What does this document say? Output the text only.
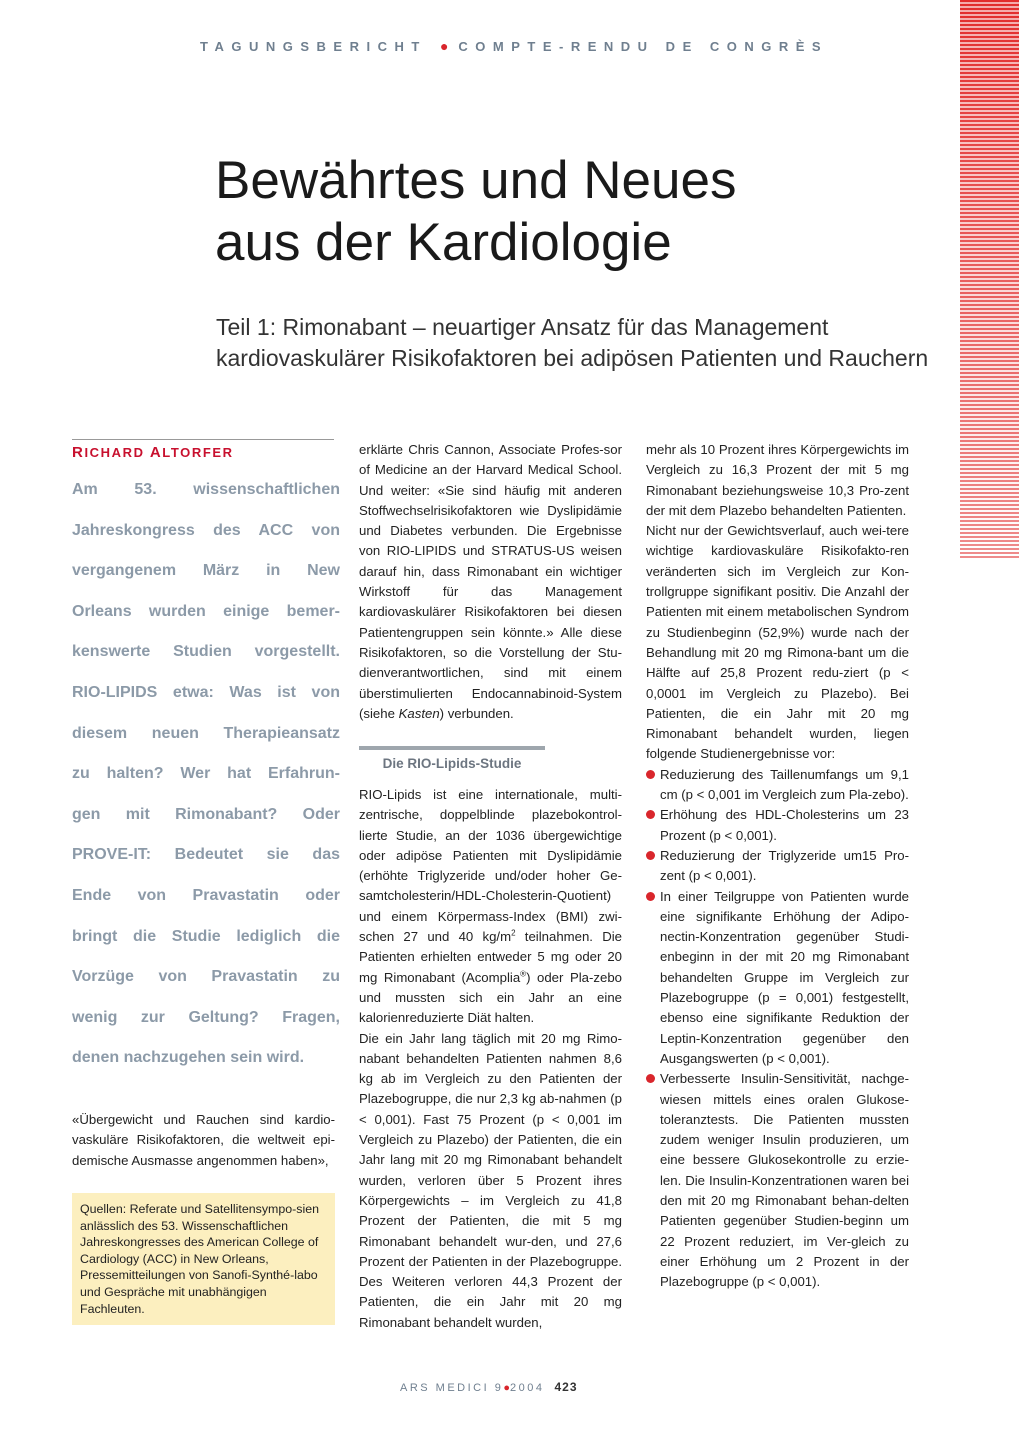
TAGUNGSBERICHT ● COMPTE-RENDU DE CONGRÈS
Bewährtes und Neues
aus der Kardiologie

Teil 1: Rimonabant – neuartiger Ansatz für das Management kardiovaskulärer Risikofaktoren bei adipösen Patienten und Rauchern

RICHARD ALTORFER
Am 53. wissenschaftlichen
Jahreskongress des ACC von
vergangenem März in New
Orleans wurden einige bemer-
kenswerte Studien vorgestellt.
RIO-LIPIDS etwa: Was ist von
diesem neuen Therapieansatz
zu halten? Wer hat Erfahrun-
gen mit Rimonabant? Oder
PROVE-IT: Bedeutet sie das
Ende von Pravastatin oder
bringt die Studie lediglich die
Vorzüge von Pravastatin zu
wenig zur Geltung? Fragen,
denen nachzugehen sein wird.

«Übergewicht und Rauchen sind kardio-vaskuläre Risikofaktoren, die weltweit epi-demische Ausmasse angenommen haben»,

Quellen: Referate und Satellitensympo-sien anlässlich des 53. Wissenschaftlichen Jahreskongresses des American College of Cardiology (ACC) in New Orleans, Pressemitteilungen von Sanofi-Synthé-labo und Gespräche mit unabhängigen Fachleuten.

erklärte Chris Cannon, Associate Profes-sor of Medicine an der Harvard Medical School. Und weiter: «Sie sind häufig mit anderen Stoffwechselrisikofaktoren wie Dyslipidämie und Diabetes verbunden. Die Ergebnisse von RIO-LIPIDS und STRATUS-US weisen darauf hin, dass Rimonabant ein wichtiger Wirkstoff für das Management kardiovaskulärer Risikofaktoren bei diesen Patientengruppen sein könnte.» Alle diese Risikofaktoren, so die Vorstellung der Stu-dienverantwortlichen, sind mit einem überstimulierten Endocannabinoid-System (siehe Kasten) verbunden.

Die RIO-Lipids-Studie

RIO-Lipids ist eine internationale, multi-zentrische, doppelblinde plazebokontrol-lierte Studie, an der 1036 übergewichtige oder adipöse Patienten mit Dyslipidämie (erhöhte Triglyzeride und/oder hoher Ge-samtcholesterin/HDL-Cholesterin-Quotient) und einem Körpermass-Index (BMI) zwi-schen 27 und 40 $kg/m^2$ teilnahmen. Die Patienten erhielten entweder 5 mg oder 20 mg Rimonabant (Acomplia®) oder Pla-zebo und mussten sich ein Jahr an eine kalorienreduzierte Diät halten.

Die ein Jahr lang täglich mit 20 mg Rimo-nabant behandelten Patienten nahmen 8,6 kg ab im Vergleich zu den Patienten der Plazebogruppe, die nur 2,3 kg ab-nahmen (p < 0,001). Fast 75 Prozent (p < 0,001 im Vergleich zu Plazebo) der Patienten, die ein Jahr lang mit 20 mg Rimonabant behandelt wurden, verloren über 5 Prozent ihres Körpergewichts – im Vergleich zu 41,8 Prozent der Patienten, die mit 5 mg Rimonabant behandelt wur-den, und 27,6 Prozent der Patienten in der Plazebogruppe. Des Weiteren verloren 44,3 Prozent der Patienten, die ein Jahr mit 20 mg Rimonabant behandelt wurden,

mehr als 10 Prozent ihres Körpergewichts im Vergleich zu 16,3 Prozent der mit 5 mg Rimonabant beziehungsweise 10,3 Pro-zent der mit dem Plazebo behandelten Patienten.

Nicht nur der Gewichtsverlauf, auch wei-tere wichtige kardiovaskuläre Risikofakto-ren veränderten sich im Vergleich zur Kon-trollgruppe signifikant positiv. Die Anzahl der Patienten mit einem metabolischen Syndrom zu Studienbeginn (52,9%) wurde nach der Behandlung mit 20 mg Rimona-bant um die Hälfte auf 25,8 Prozent redu-ziert (p < 0,0001 im Vergleich zu Plazebo). Bei Patienten, die ein Jahr mit 20 mg Rimonabant behandelt wurden, liegen folgende Studienergebnisse vor:

Reduzierung des Taillenumfangs um 9,1 cm (p < 0,001 im Vergleich zum Pla-zebo).
Erhöhung des HDL-Cholesterins um 23 Prozent (p < 0,001).
Reduzierung der Triglyzeride um15 Pro-zent (p < 0,001).
In einer Teilgruppe von Patienten wurde eine signifikante Erhöhung der Adipo-nectin-Konzentration gegenüber Studi-enbeginn in der mit 20 mg Rimonabant behandelten Gruppe im Vergleich zur Plazebogruppe (p = 0,001) festgestellt, ebenso eine signifikante Reduktion der Leptin-Konzentration gegenüber den Ausgangswerten (p < 0,001).
Verbesserte Insulin-Sensitivität, nachge-wiesen mittels eines oralen Glukose-toleranztests. Die Patienten mussten zudem weniger Insulin produzieren, um eine bessere Glukosekontrolle zu erzie-len. Die Insulin-Konzentrationen waren bei den mit 20 mg Rimonabant behan-delten Patienten gegenüber Studien-beginn um 22 Prozent reduziert, im Ver-gleich zu einer Erhöhung um 2 Prozent in der Plazebogruppe (p < 0,001).
ARS MEDICI 9●2004 423
